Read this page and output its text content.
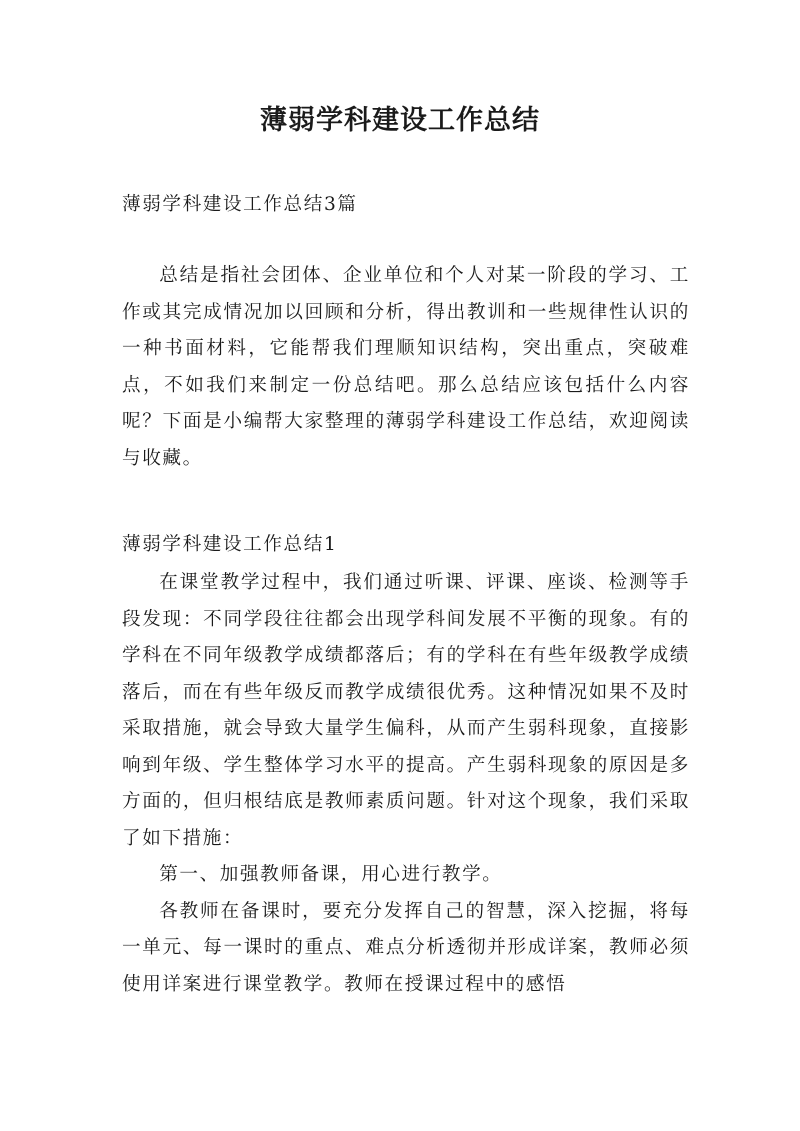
薄弱学科建设工作总结
薄弱学科建设工作总结3篇

总结是指社会团体、企业单位和个人对某一阶段的学习、工作或其完成情况加以回顾和分析，得出教训和一些规律性认识的一种书面材料，它能帮我们理顺知识结构，突出重点，突破难点，不如我们来制定一份总结吧。那么总结应该包括什么内容呢？下面是小编帮大家整理的薄弱学科建设工作总结，欢迎阅读与收藏。

薄弱学科建设工作总结1

在课堂教学过程中，我们通过听课、评课、座谈、检测等手段发现：不同学段往往都会出现学科间发展不平衡的现象。有的学科在不同年级教学成绩都落后；有的学科在有些年级教学成绩落后，而在有些年级反而教学成绩很优秀。这种情况如果不及时采取措施，就会导致大量学生偏科，从而产生弱科现象，直接影响到年级、学生整体学习水平的提高。产生弱科现象的原因是多方面的，但归根结底是教师素质问题。针对这个现象，我们采取了如下措施：

第一、加强教师备课，用心进行教学。

各教师在备课时，要充分发挥自己的智慧，深入挖掘，将每一单元、每一课时的重点、难点分析透彻并形成详案，教师必须使用详案进行课堂教学。教师在授课过程中的感悟
